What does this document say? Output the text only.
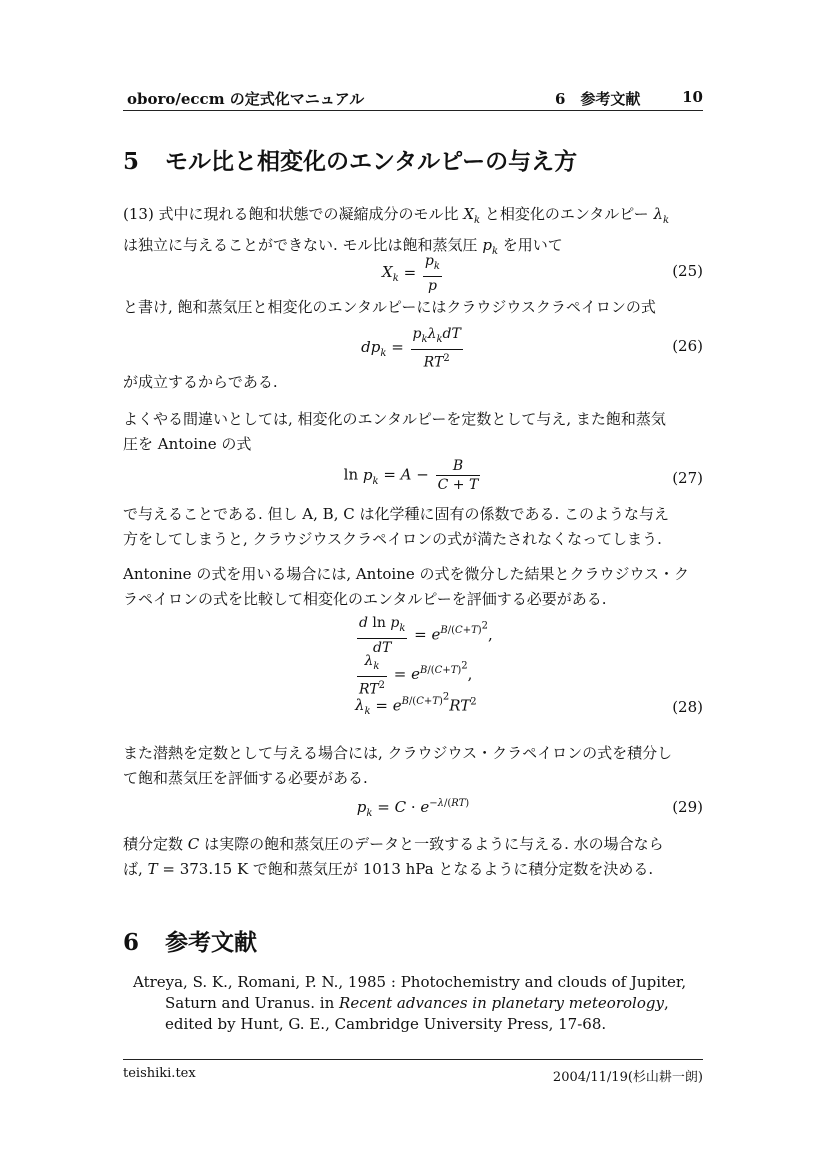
oboro/eccm の定式化マニュアル	6　参考文献	10
5 モル比と相変化のエンタルピーの与え方

(13) 式中に現れる飽和状態での凝縮成分のモル比 $X_k$ と相変化のエンタルピー $\lambda_k$
は独立に与えることができない. モル比は飽和蒸気圧 $p_k$ を用いて

$X_k = \frac{p_k}{p}$	(25)

と書け, 飽和蒸気圧と相変化のエンタルピーにはクラウジウスクラペイロンの式

$dp_k = \frac{p_k\lambda_kdT}{RT^2}$	(26)

が成立するからである.

よくやる間違いとしては, 相変化のエンタルピーを定数として与え, また飽和蒸気
圧を Antoine の式

$\ln p_k = A - \frac{B}{C + T}$	(27)

で与えることである. 但し A, B, C は化学種に固有の係数である. このような与え
方をしてしまうと, クラウジウスクラペイロンの式が満たされなくなってしまう.

Antonine の式を用いる場合には, Antoine の式を微分した結果とクラウジウス・ク
ラペイロンの式を比較して相変化のエンタルピーを評価する必要がある.

$\frac{d \ln p_k}{dT} = e^{B/(C+T)^2}$,
$\frac{\lambda_k}{RT^2} = e^{B/(C+T)^2}$,
$\lambda_k = e^{B/(C+T)^2}RT^2$	(28)

また潜熱を定数として与える場合には, クラウジウス・クラペイロンの式を積分し
て飽和蒸気圧を評価する必要がある.

$p_k = C \cdot e^{-\lambda/(RT)}$	(29)

積分定数 C は実際の飽和蒸気圧のデータと一致するように与える. 水の場合なら
ば, T = 373.15 K で飽和蒸気圧が 1013 hPa となるように積分定数を決める.

6 参考文献
Atreya, S. K., Romani, P. N., 1985 : Photochemistry and clouds of Jupiter, Saturn and Uranus. in Recent advances in planetary meteorology, edited by Hunt, G. E., Cambridge University Press, 17-68.
teishiki.tex	2004/11/19(杉山耕一朗)
